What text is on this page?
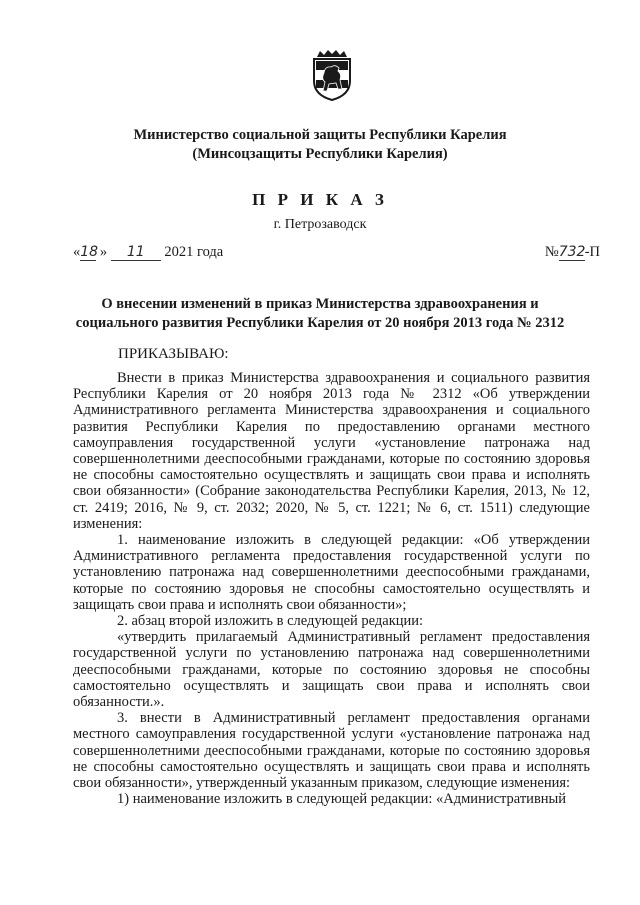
Министерство социальной защиты Республики Карелия
(Минсоцзащиты Республики Карелия)
П Р И К А З
г. Петрозаводск
«18 » 11 2021 года	№732-П
О внесении изменений в приказ Министерства здравоохранения и
социального развития Республики Карелия от 20 ноября 2013 года № 2312
ПРИКАЗЫВАЮ:

Внести в приказ Министерства здравоохранения и социального развития Республики Карелия от 20 ноября 2013 года № 2312 «Об утверждении Административного регламента Министерства здравоохранения и социального развития Республики Карелия по предоставлению органами местного самоуправления государственной услуги «установление патронажа над совершеннолетними дееспособными гражданами, которые по состоянию здоровья не способны самостоятельно осуществлять и защищать свои права и исполнять свои обязанности» (Собрание законодательства Республики Карелия, 2013, № 12, ст. 2419; 2016, № 9, ст. 2032; 2020, № 5, ст. 1221; № 6, ст. 1511) следующие изменения:

1. наименование изложить в следующей редакции: «Об утверждении Административного регламента предоставления государственной услуги по установлению патронажа над совершеннолетними дееспособными гражданами, которые по состоянию здоровья не способны самостоятельно осуществлять и защищать свои права и исполнять свои обязанности»;

2. абзац второй изложить в следующей редакции:

«утвердить прилагаемый Административный регламент предоставления государственной услуги по установлению патронажа над совершеннолетними дееспособными гражданами, которые по состоянию здоровья не способны самостоятельно осуществлять и защищать свои права и исполнять свои обязанности.».

3. внести в Административный регламент предоставления органами местного самоуправления государственной услуги «установление патронажа над совершеннолетними дееспособными гражданами, которые по состоянию здоровья не способны самостоятельно осуществлять и защищать свои права и исполнять свои обязанности», утвержденный указанным приказом, следующие изменения:

1) наименование изложить в следующей редакции: «Административный
